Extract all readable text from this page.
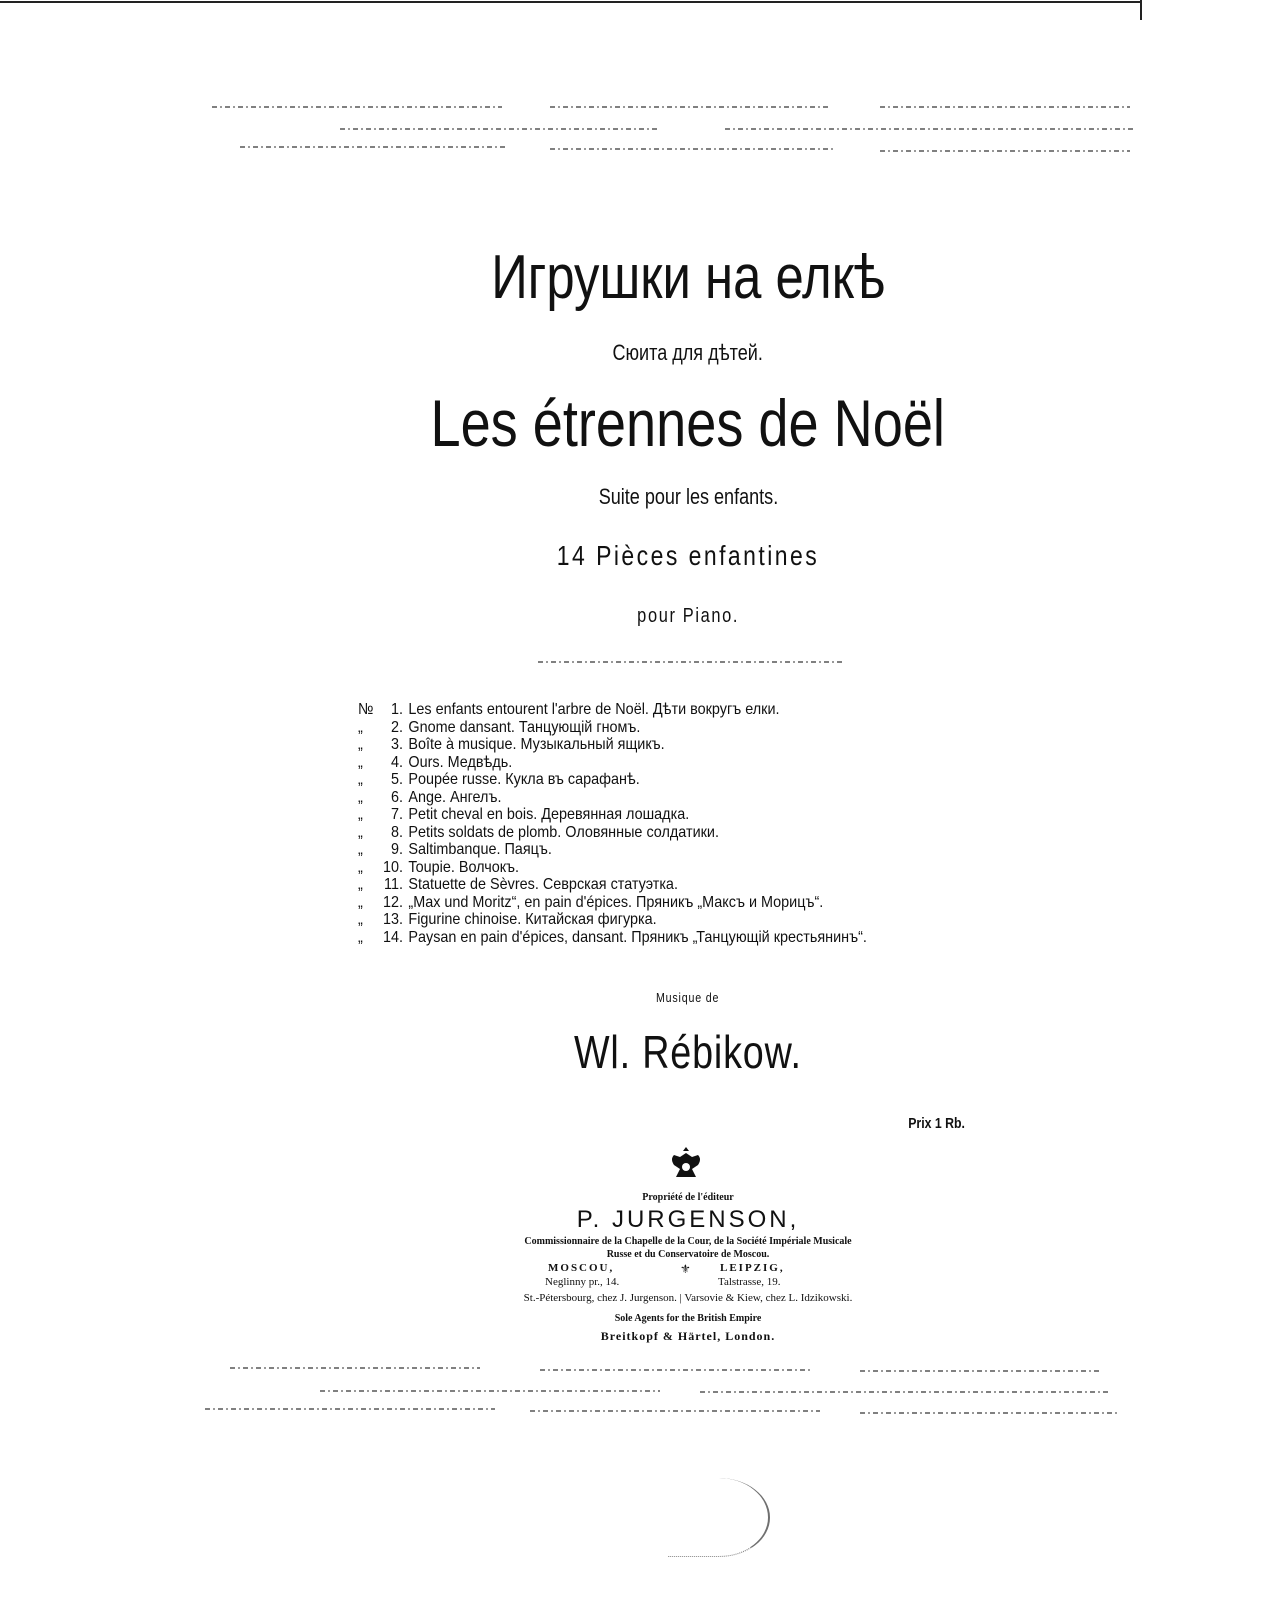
Игрушки на елкѣ
Сюита для дѣтей.
Les étrennes de Noël
Suite pour les enfants.
14 Pièces enfantines
pour Piano.
№ 1. Les enfants entourent l'arbre de Noël. Дѣти вокругъ елки.
„ 2. Gnome dansant. Танцующій гномъ.
„ 3. Boîte à musique. Музыкальный ящикъ.
„ 4. Ours. Медвѣдь.
„ 5. Poupée russe. Кукла въ сарафанѣ.
„ 6. Ange. Ангелъ.
„ 7. Petit cheval en bois. Деревянная лошадка.
„ 8. Petits soldats de plomb. Оловянные солдатики.
„ 9. Saltimbanque. Паяцъ.
„ 10. Toupie. Волчокъ.
„ 11. Statuette de Sèvres. Севрская статуэтка.
„ 12. „Max und Moritz“, en pain d'épices. Пряникъ „Максъ и Морицъ“.
„ 13. Figurine chinoise. Китайская фигурка.
„ 14. Paysan en pain d'épices, dansant. Пряникъ „Танцующій крестьянинъ“.
Musique de
Wl. Rébikow.
Prix 1 Rb.
Propriété de l'éditeur
P. JURGENSON,
Commissionnaire de la Chapelle de la Cour, de la Société Impériale Musicale
Russe et du Conservatoire de Moscou.
MOSCOU,	⚜	LEIPZIG,
Neglinny pr., 14.	Talstrasse, 19.
St.-Pétersbourg, chez J. Jurgenson. | Varsovie & Kiew, chez L. Idzikowski.
Sole Agents for the British Empire
Breitkopf & Härtel, London.
